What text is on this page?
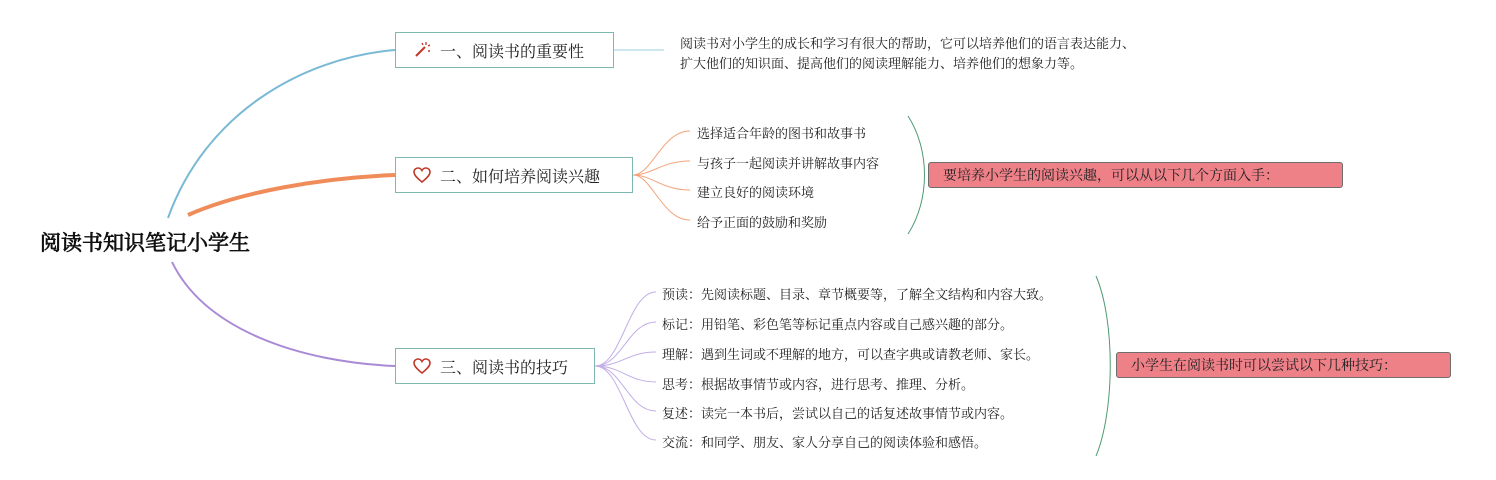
阅读书知识笔记小学生
一、阅读书的重要性	阅读书对小学生的成长和学习有很大的帮助，它可以培养他们的语言表达能力、
扩大他们的知识面、提高他们的阅读理解能力、培养他们的想象力等。
二、如何培养阅读兴趣
选择适合年龄的图书和故事书
与孩子一起阅读并讲解故事内容
建立良好的阅读环境
给予正面的鼓励和奖励
要培养小学生的阅读兴趣，可以从以下几个方面入手：
三、阅读书的技巧
预读：先阅读标题、目录、章节概要等，了解全文结构和内容大致。
标记：用铅笔、彩色笔等标记重点内容或自己感兴趣的部分。
理解：遇到生词或不理解的地方，可以查字典或请教老师、家长。
思考：根据故事情节或内容，进行思考、推理、分析。
复述：读完一本书后，尝试以自己的话复述故事情节或内容。
交流：和同学、朋友、家人分享自己的阅读体验和感悟。
小学生在阅读书时可以尝试以下几种技巧：
